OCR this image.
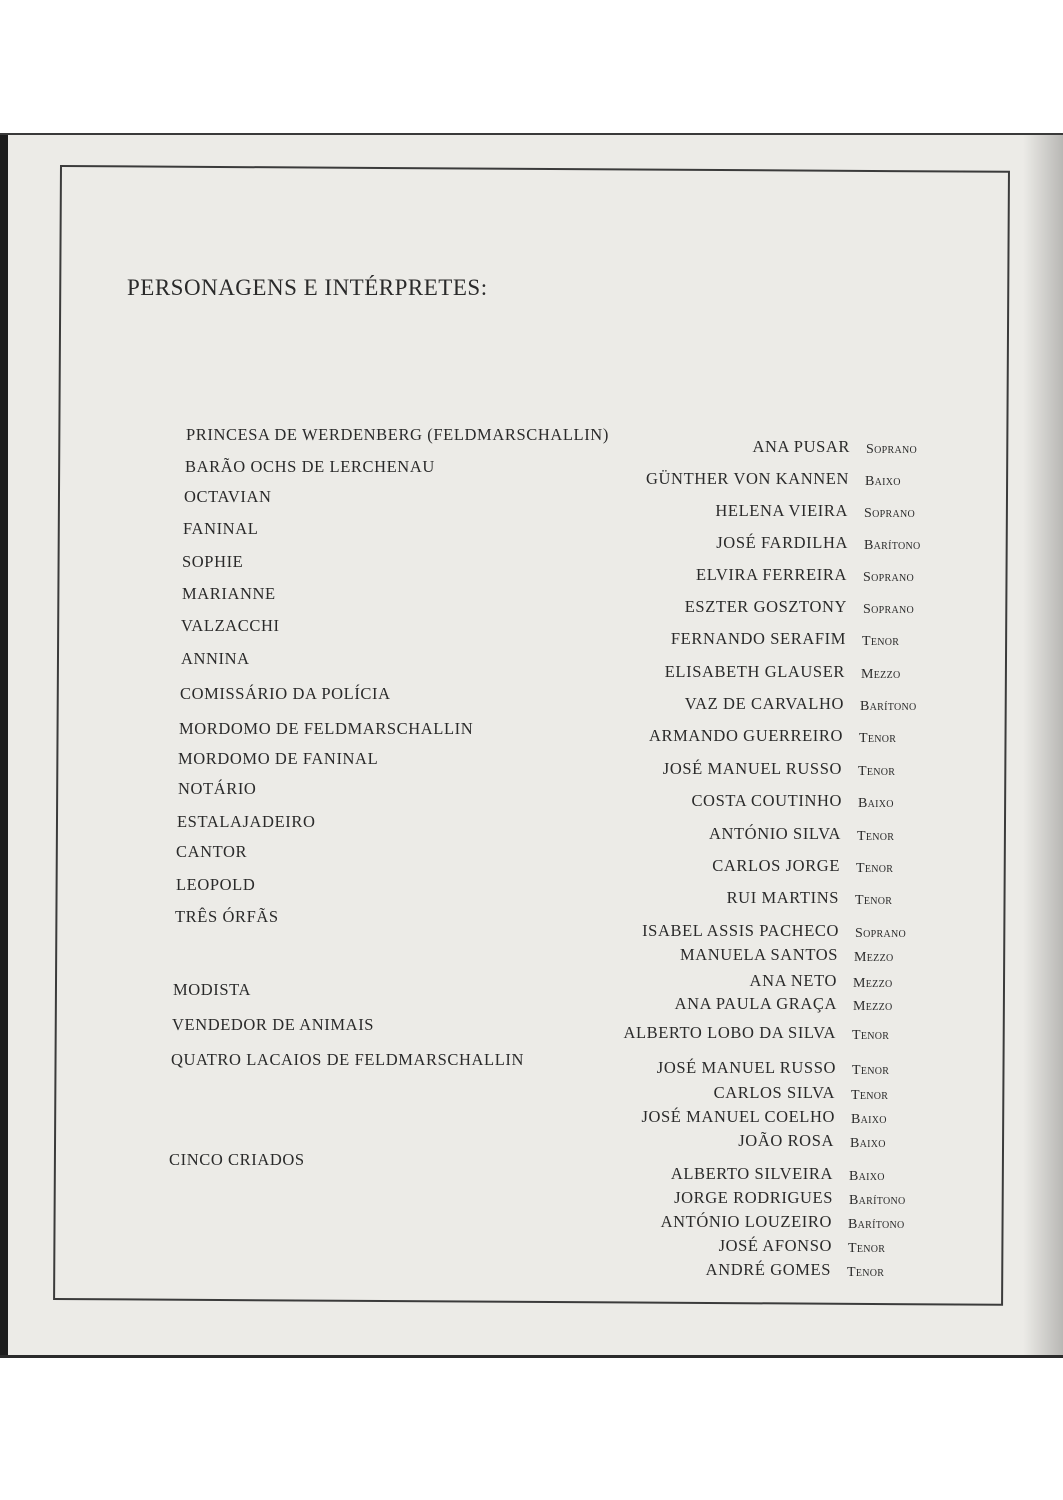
PERSONAGENS E INTÉRPRETES:
PRINCESA DE WERDENBERG (FELDMARSCHALLIN)
BARÃO OCHS DE LERCHENAU
OCTAVIAN
FANINAL
SOPHIE
MARIANNE
VALZACCHI
ANNINA
COMISSÁRIO DA POLÍCIA
MORDOMO DE FELDMARSCHALLIN
MORDOMO DE FANINAL
NOTÁRIO
ESTALAJADEIRO
CANTOR
LEOPOLD
TRÊS ÓRFÃS
MODISTA
VENDEDOR DE ANIMAIS
QUATRO LACAIOS DE FELDMARSCHALLIN
CINCO CRIADOS
ANA PUSAR Soprano
GÜNTHER VON KANNEN Baixo
HELENA VIEIRA Soprano
JOSÉ FARDILHA Barítono
ELVIRA FERREIRA Soprano
ESZTER GOSZTONY Soprano
FERNANDO SERAFIM Tenor
ELISABETH GLAUSER Mezzo
VAZ DE CARVALHO Barítono
ARMANDO GUERREIRO Tenor
JOSÉ MANUEL RUSSO Tenor
COSTA COUTINHO Baixo
ANTÓNIO SILVA Tenor
CARLOS JORGE Tenor
RUI MARTINS Tenor
ISABEL ASSIS PACHECO Soprano
MANUELA SANTOS Mezzo
ANA NETO Mezzo
ANA PAULA GRAÇA Mezzo
ALBERTO LOBO DA SILVA Tenor
JOSÉ MANUEL RUSSO Tenor
CARLOS SILVA Tenor
JOSÉ MANUEL COELHO Baixo
JOÃO ROSA Baixo
ALBERTO SILVEIRA Baixo
JORGE RODRIGUES Barítono
ANTÓNIO LOUZEIRO Barítono
JOSÉ AFONSO Tenor
ANDRÉ GOMES Tenor
